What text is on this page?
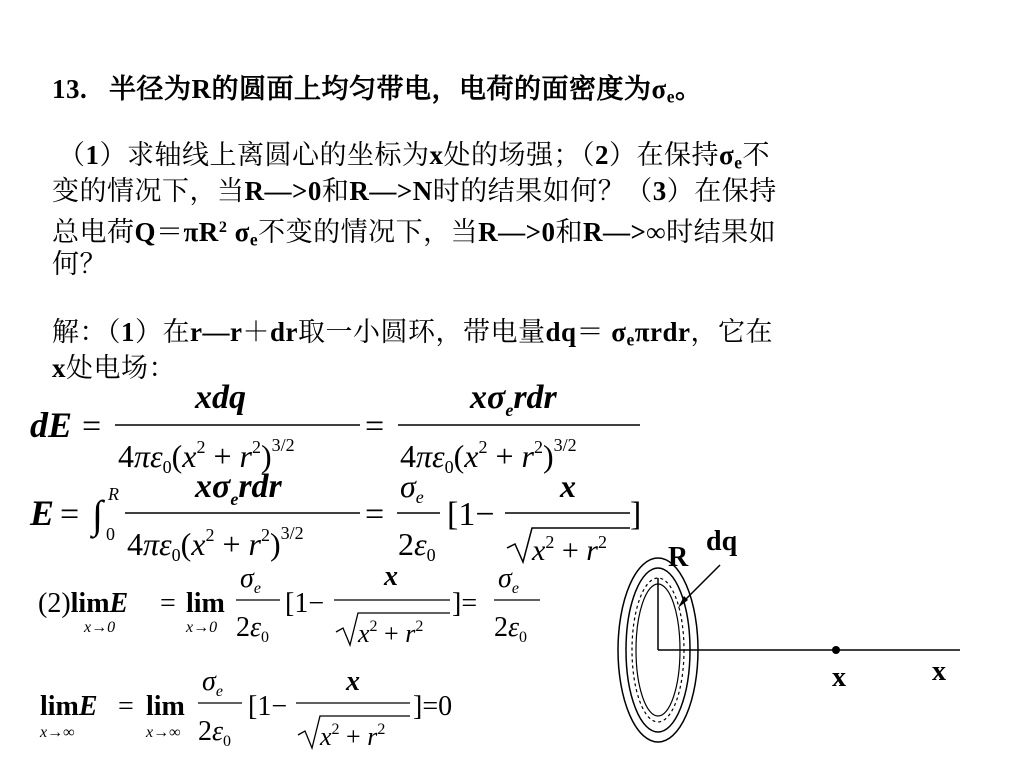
13. 半径为R的圆面上均匀带电，电荷的面密度为$\sigma_e$。
（1）求轴线上离圆心的坐标为x处的场强；（2）在保持$\sigma_e$不
变的情况下，当R—>0和R—>N时的结果如何？（3）在保持
总电荷$Q=\pi R^2$ $\sigma_e$不变的情况下，当R—>0和R—>∞时结果如
何？
解：（1）在r—r＋dr取一小圆环，带电量$dq= \sigma_e\pi rdr$，它在
x处电场：
dE =
xdq
$4\pi\varepsilon 0(x^2 + r^2)^{3/2}$ =
$x\sigma_erdr$
$4\pi\varepsilon 0(x^2 + r^2)^{3/2}$
E = ∫ R
0
$x\sigma_erdr$
$4\pi\varepsilon 0(x^2 + r^2)^{3/2}$ =
σe
2ε0
[1−
x
$x^2 + r^2$
]
(2)limE
x→0
= lim
x→0
$\sigma_e$
$2\varepsilon_0$
[1−
x
$x^2 + r^2$
]=
$\sigma_e$
$2\varepsilon_0$
limE
x→∞
= lim
x→∞
$\sigma_e$
$2\varepsilon_0$
[1−
x
$x^2 + r^2$
]=0
R
dq
x	x
